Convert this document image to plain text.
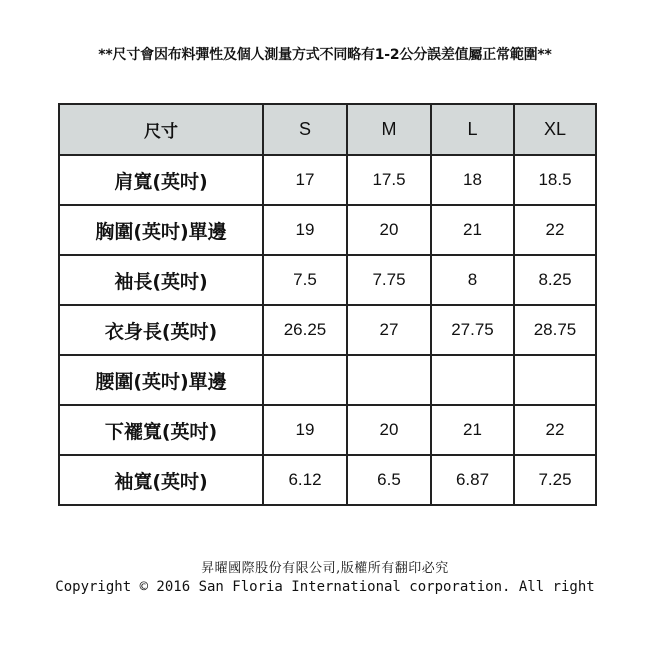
**尺寸會因布料彈性及個人測量方式不同略有1-2公分誤差值屬正常範圍**
尺寸	S	M	L	XL
肩寬(英吋)	17	17.5	18	18.5
胸圍(英吋)單邊	19	20	21	22
袖長(英吋)	7.5	7.75	8	8.25
衣身長(英吋)	26.25	27	27.75	28.75
腰圍(英吋)單邊				
下襬寬(英吋)	19	20	21	22
袖寬(英吋)	6.12	6.5	6.87	7.25
昇曜國際股份有限公司,版權所有翻印必究
Copyright © 2016 San Floria International corporation. All right
